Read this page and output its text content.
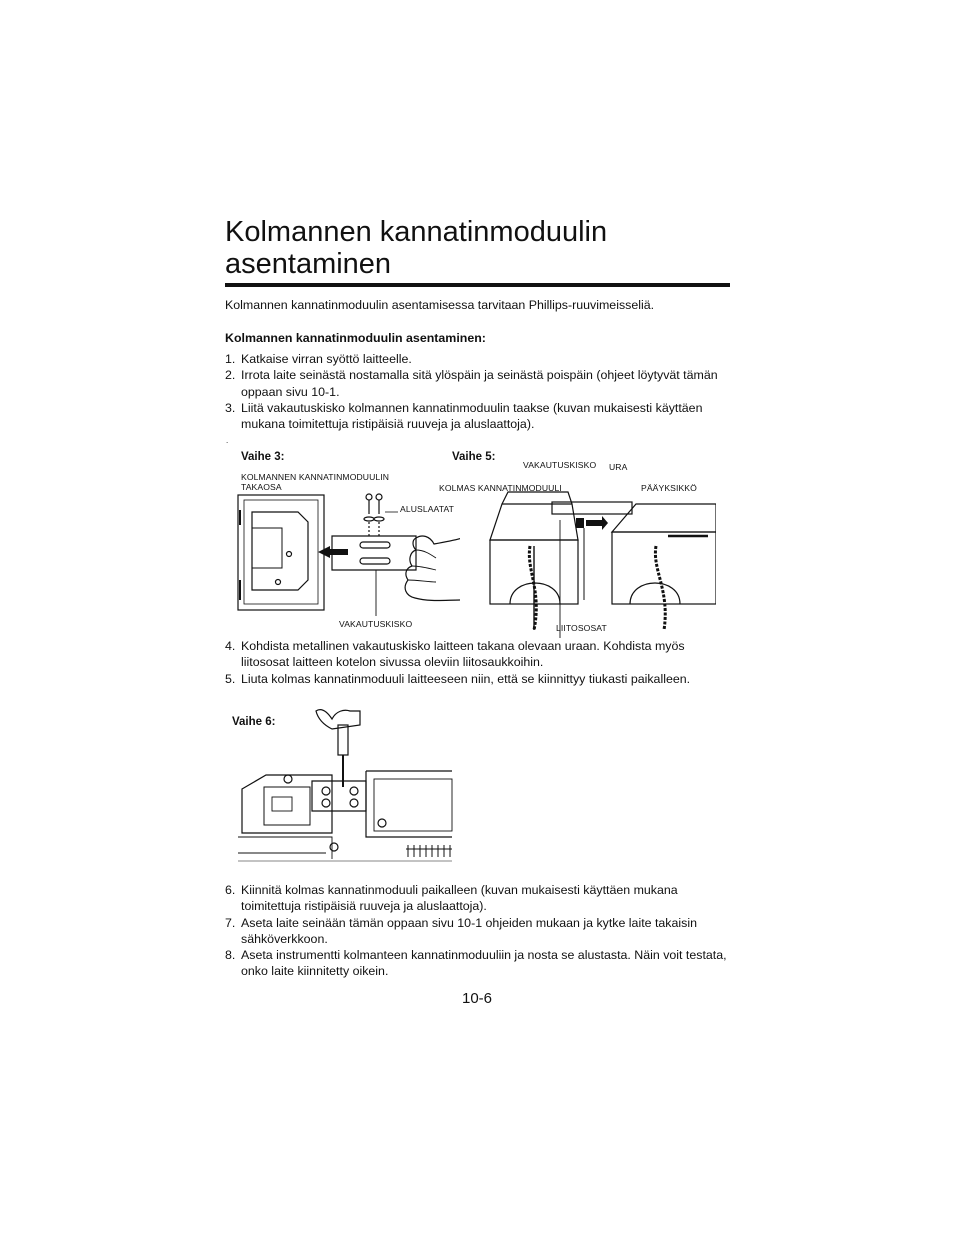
Kolmannen kannatinmoduulin
asentaminen
Kolmannen kannatinmoduulin asentamisessa tarvitaan Phillips-ruuvimeisseliä.
Kolmannen kannatinmoduulin asentaminen:
1. Katkaise virran syöttö laitteelle.
2. Irrota laite seinästä nostamalla sitä ylöspäin ja seinästä poispäin (ohjeet löytyvät tämän oppaan sivu 10-1.
3. Liitä vakautuskisko kolmannen kannatinmoduulin taakse (kuvan mukaisesti käyttäen mukana toimitettuja ristipäisiä ruuveja ja aluslaattoja).
.
Vaihe 3:
KOLMANNEN KANNATINMODUULIN
TAKAOSA
ALUSLAATAT
VAKAUTUSKISKO
Vaihe 5:
VAKAUTUSKISKO URA
KOLMAS KANNATINMODUULI	PÄÄYKSIKKÖ
LIITOSOSAT
4. Kohdista metallinen vakautuskisko laitteen takana olevaan uraan. Kohdista myös liitososat laitteen kotelon sivussa oleviin liitosaukkoihin.
5. Liuta kolmas kannatinmoduuli laitteeseen niin, että se kiinnittyy tiukasti paikalleen.
Vaihe 6:
6. Kiinnitä kolmas kannatinmoduuli paikalleen (kuvan mukaisesti käyttäen mukana toimitettuja ristipäisiä ruuveja ja aluslaattoja).
7. Aseta laite seinään tämän oppaan sivu 10-1 ohjeiden mukaan ja kytke laite takaisin sähköverkkoon.
8. Aseta instrumentti kolmanteen kannatinmoduuliin ja nosta se alustasta. Näin voit testata, onko laite kiinnitetty oikein.
10-6
